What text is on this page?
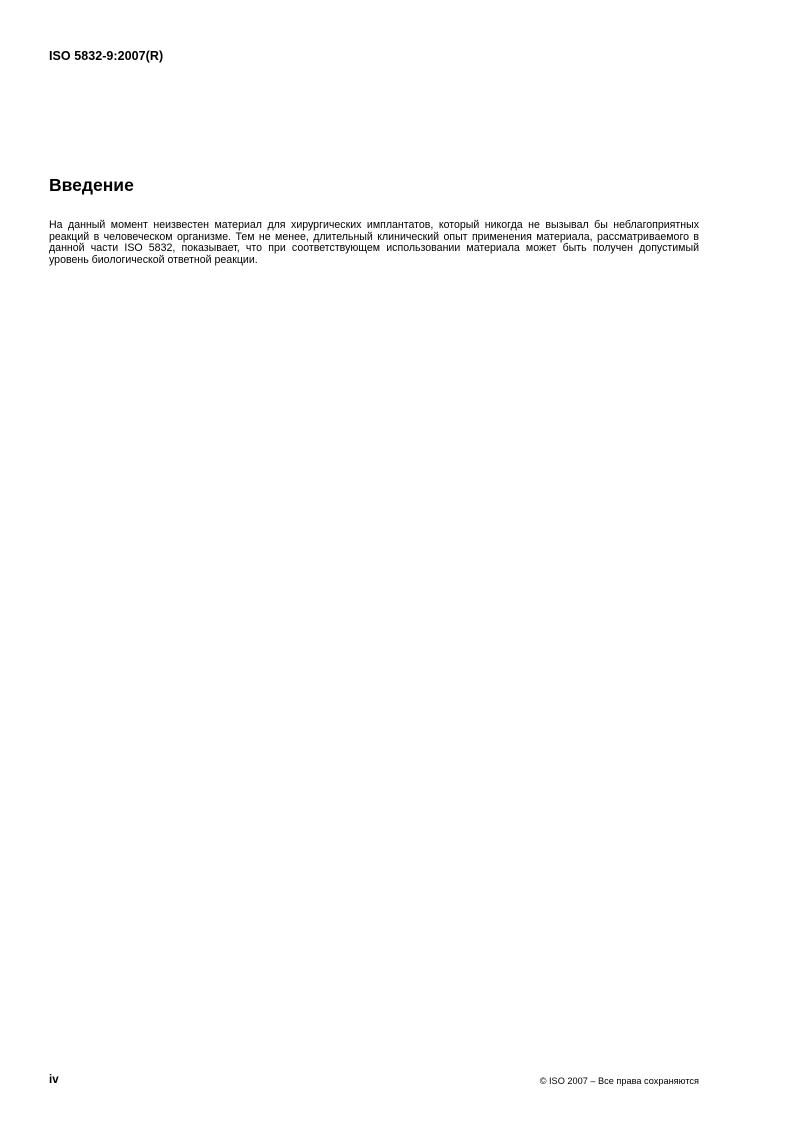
ISO 5832-9:2007(R)
Введение

На данный момент неизвестен материал для хирургических имплантатов, который никогда не вызывал бы неблагоприятных реакций в человеческом организме. Тем не менее, длительный клинический опыт применения материала, рассматриваемого в данной части ISO 5832, показывает, что при соответствующем использовании материала может быть получен допустимый уровень биологической ответной реакции.

iv	© ISO 2007 – Все права сохраняются
